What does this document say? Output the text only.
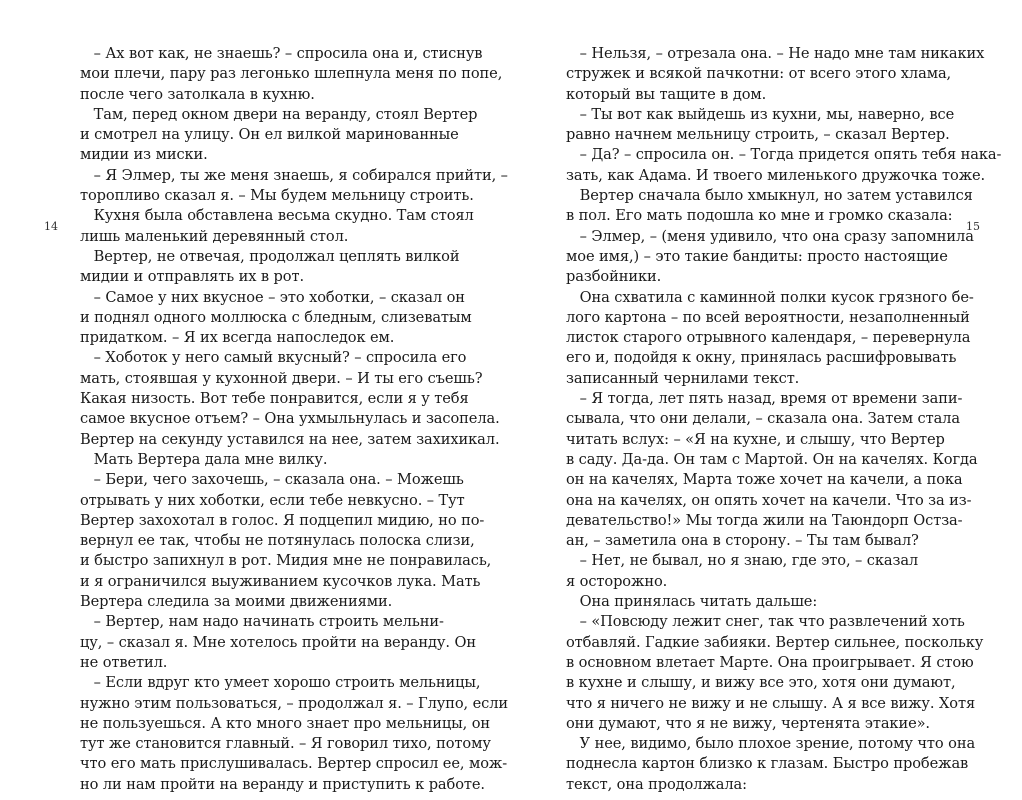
14
– Ах вот как, не знаешь? – спросила она и, стиснув
мои плечи, пару раз легонько шлепнула меня по попе,
после чего затолкала в кухню.
Там, перед окном двери на веранду, стоял Вертер
и смотрел на улицу. Он ел вилкой маринованные
мидии из миски.
– Я Элмер, ты же меня знаешь, я собирался прийти, –
торопливо сказал я. – Мы будем мельницу строить.
Кухня была обставлена весьма скудно. Там стоял
лишь маленький деревянный стол.
Вертер, не отвечая, продолжал цеплять вилкой
мидии и отправлять их в рот.
– Самое у них вкусное – это хоботки, – сказал он
и поднял одного моллюска с бледным, слизеватым
придатком. – Я их всегда напоследок ем.
– Хоботок у него самый вкусный? – спросила его
мать, стоявшая у кухонной двери. – И ты его съешь?
Какая низость. Вот тебе понравится, если я у тебя
самое вкусное отъем? – Она ухмыльнулась и засопела.
Вертер на секунду уставился на нее, затем захихикал.
Мать Вертера дала мне вилку.
– Бери, чего захочешь, – сказала она. – Можешь
отрывать у них хоботки, если тебе невкусно. – Тут
Вертер захохотал в голос. Я подцепил мидию, но по-
вернул ее так, чтобы не потянулась полоска слизи,
и быстро запихнул в рот. Мидия мне не понравилась,
и я ограничился выуживанием кусочков лука. Мать
Вертера следила за моими движениями.
– Вертер, нам надо начинать строить мельни-
цу, – сказал я. Мне хотелось пройти на веранду. Он
не ответил.
– Если вдруг кто умеет хорошо строить мельницы,
нужно этим пользоваться, – продолжал я. – Глупо, если
не пользуешься. А кто много знает про мельницы, он
тут же становится главный. – Я говорил тихо, потому
что его мать прислушивалась. Вертер спросил ее, мож-
но ли нам пройти на веранду и приступить к работе.
15
– Нельзя, – отрезала она. – Не надо мне там никаких
стружек и всякой пачкотни: от всего этого хлама,
который вы тащите в дом.
– Ты вот как выйдешь из кухни, мы, наверно, все
равно начнем мельницу строить, – сказал Вертер.
– Да? – спросила он. – Тогда придется опять тебя нака-
зать, как Адама. И твоего миленького дружочка тоже.
Вертер сначала было хмыкнул, но затем уставился
в пол. Его мать подошла ко мне и громко сказала:
– Элмер, – (меня удивило, что она сразу запомнила
мое имя,) – это такие бандиты: просто настоящие
разбойники.
Она схватила с каминной полки кусок грязного бе-
лого картона – по всей вероятности, незаполненный
листок старого отрывного календаря, – перевернула
его и, подойдя к окну, принялась расшифровывать
записанный чернилами текст.
– Я тогда, лет пять назад, время от времени запи-
сывала, что они делали, – сказала она. Затем стала
читать вслух: – «Я на кухне, и слышу, что Вертер
в саду. Да-да. Он там с Мартой. Он на качелях. Когда
он на качелях, Марта тоже хочет на качели, а пока
она на качелях, он опять хочет на качели. Что за из-
девательство!» Мы тогда жили на Таюндорп Остза-
ан, – заметила она в сторону. – Ты там бывал?
– Нет, не бывал, но я знаю, где это, – сказал
я осторожно.
Она принялась читать дальше:
– «Повсюду лежит снег, так что развлечений хоть
отбавляй. Гадкие забияки. Вертер сильнее, поскольку
в основном влетает Марте. Она проигрывает. Я стою
в кухне и слышу, и вижу все это, хотя они думают,
что я ничего не вижу и не слышу. А я все вижу. Хотя
они думают, что я не вижу, чертенята этакие».
У нее, видимо, было плохое зрение, потому что она
поднесла картон близко к глазам. Быстро пробежав
текст, она продолжала:
